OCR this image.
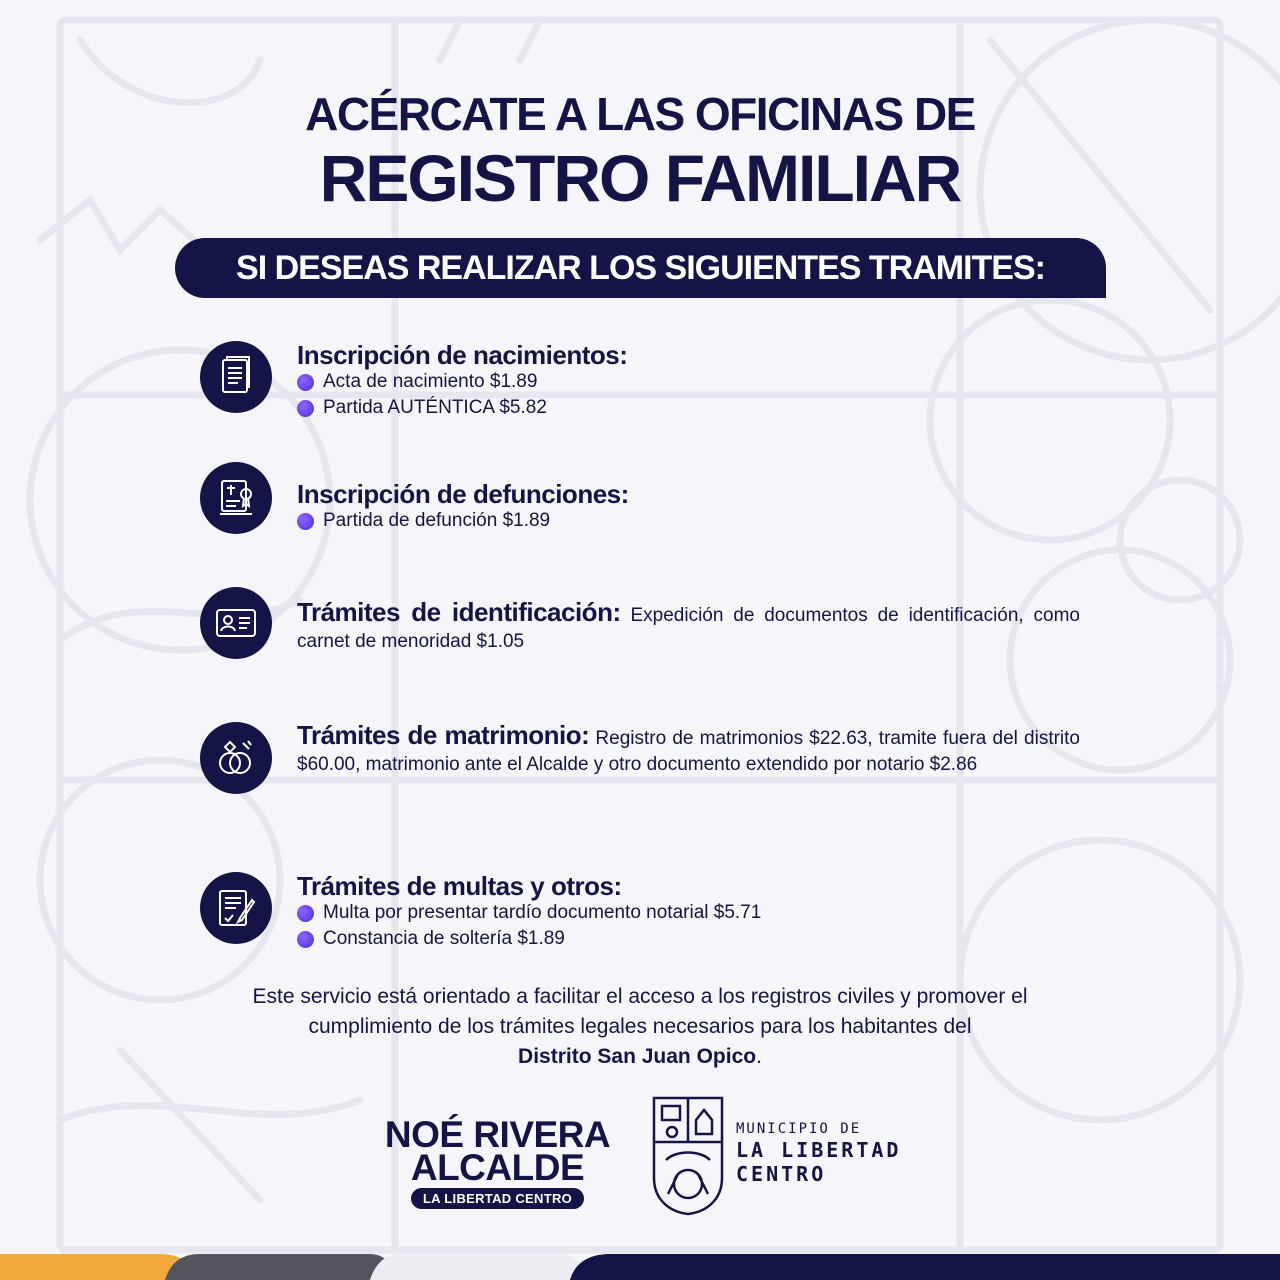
ACÉRCATE A LAS OFICINAS DE
REGISTRO FAMILIAR
SI DESEAS REALIZAR LOS SIGUIENTES TRAMITES:
Inscripción de nacimientos:
Acta de nacimiento $1.89
Partida AUTÉNTICA $5.82
Inscripción de defunciones:
Partida de defunción $1.89
Trámites de identificación: Expedición de documentos de identificación, como carnet de menoridad $1.05
Trámites de matrimonio: Registro de matrimonios $22.63, tramite fuera del distrito $60.00, matrimonio ante el Alcalde y otro documento extendido por notario $2.86
Trámites de multas y otros:
Multa por presentar tardío documento notarial $5.71
Constancia de soltería $1.89
Este servicio está orientado a facilitar el acceso a los registros civiles y promover el
cumplimiento de los trámites legales necesarios para los habitantes del
Distrito San Juan Opico.
NOÉ RIVERA
ALCALDE
LA LIBERTAD CENTRO
MUNICIPIO DE
LA LIBERTAD
CENTRO
